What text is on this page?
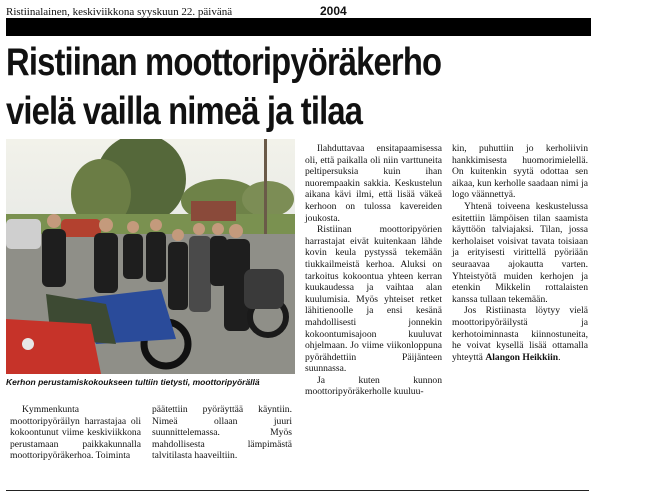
Ristiinalainen, keskiviikkona syyskuun 22. päivänä	2004
Ristiinan moottoripyöräkerho
vielä vailla nimeä ja tilaa
Kerhon perustamiskokoukseen tultiin tietysti, moottoripyörällä

Kymmenkunta moottoripyöräilyn harrastajaa oli kokoontunut viime keskiviikkona perustamaan paikkakunnalla moottoripyöräkerhoa. Toiminta

päätettiin pyöräyttää käyntiin. Nimeä ollaan juuri suunnittelemassa. Myös mahdollisesta lämpimästä talvitilasta haaveiltiin.

Ilahduttavaa ensitapaamisessa oli, että paikalla oli niin varttuneita peltipersuksia kuin ihan nuorempaakin sakkia. Keskustelun aikana kävi ilmi, että lisää väkeä kerhoon on tulossa kavereiden joukosta.

Ristiinan moottoripyörien harrastajat eivät kuitenkaan lähde kovin keula pystyssä tekemään tiukkailmeistä kerhoa. Aluksi on tarkoitus kokoontua yhteen kerran kuukaudessa ja vaihtaa alan kuulumisia. Myös yhteiset retket lähitienoolle ja ensi kesänä mahdollisesti jonnekin kokoontumisajoon kuuluvat ohjelmaan. Jo viime viikonloppuna pyörähdettiin Päijänteen suunnassa.

Ja kuten kunnon moottoripyöräkerholle kuuluu-

kin, puhuttiin jo kerholiivin hankkimisesta huomorimielellä. On kuitenkin syytä odottaa sen aikaa, kun kerholle saadaan nimi ja logo väännettyä.

Yhtenä toiveena keskustelussa esitettiin lämpöisen tilan saamista käyttöön talviajaksi. Tilan, jossa kerholaiset voisivat tavata toisiaan ja erityisesti virittellä pyöriään seuraavaa ajokautta varten. Yhteistyötä muiden kerhojen ja etenkin Mikkelin rottalaisten kanssa tullaan tekemään.

Jos Ristiinasta löytyy vielä moottoripyöräilystä ja kerhotoiminnasta kiinnostuneita, he voivat kysellä lisää ottamalla yhteyttä Alangon Heikkiin.
